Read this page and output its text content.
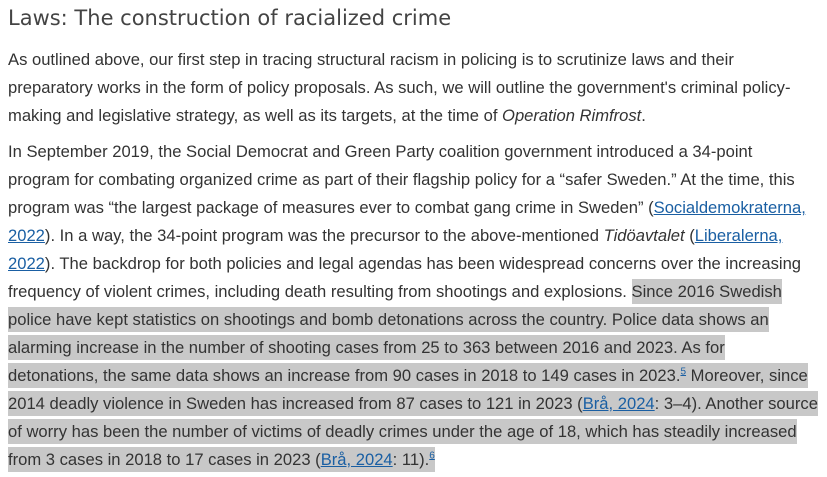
Laws: The construction of racialized crime

As outlined above, our first step in tracing structural racism in policing is to scrutinize laws and their
preparatory works in the form of policy proposals. As such, we will outline the government's criminal policy-
making and legislative strategy, as well as its targets, at the time of Operation Rimfrost.

In September 2019, the Social Democrat and Green Party coalition government introduced a 34-point
program for combating organized crime as part of their flagship policy for a “safer Sweden.” At the time, this
program was “the largest package of measures ever to combat gang crime in Sweden” (Socialdemokraterna,
2022). In a way, the 34-point program was the precursor to the above-mentioned Tidöavtalet (Liberalerna,
2022). The backdrop for both policies and legal agendas has been widespread concerns over the increasing
frequency of violent crimes, including death resulting from shootings and explosions. Since 2016 Swedish
police have kept statistics on shootings and bomb detonations across the country. Police data shows an
alarming increase in the number of shooting cases from 25 to 363 between 2016 and 2023. As for
detonations, the same data shows an increase from 90 cases in 2018 to 149 cases in 2023.$^5$ Moreover, since
2014 deadly violence in Sweden has increased from 87 cases to 121 in 2023 (Brå, 2024: 3–4). Another source
of worry has been the number of victims of deadly crimes under the age of 18, which has steadily increased
from 3 cases in 2018 to 17 cases in 2023 (Brå, 2024: 11).$^6$
